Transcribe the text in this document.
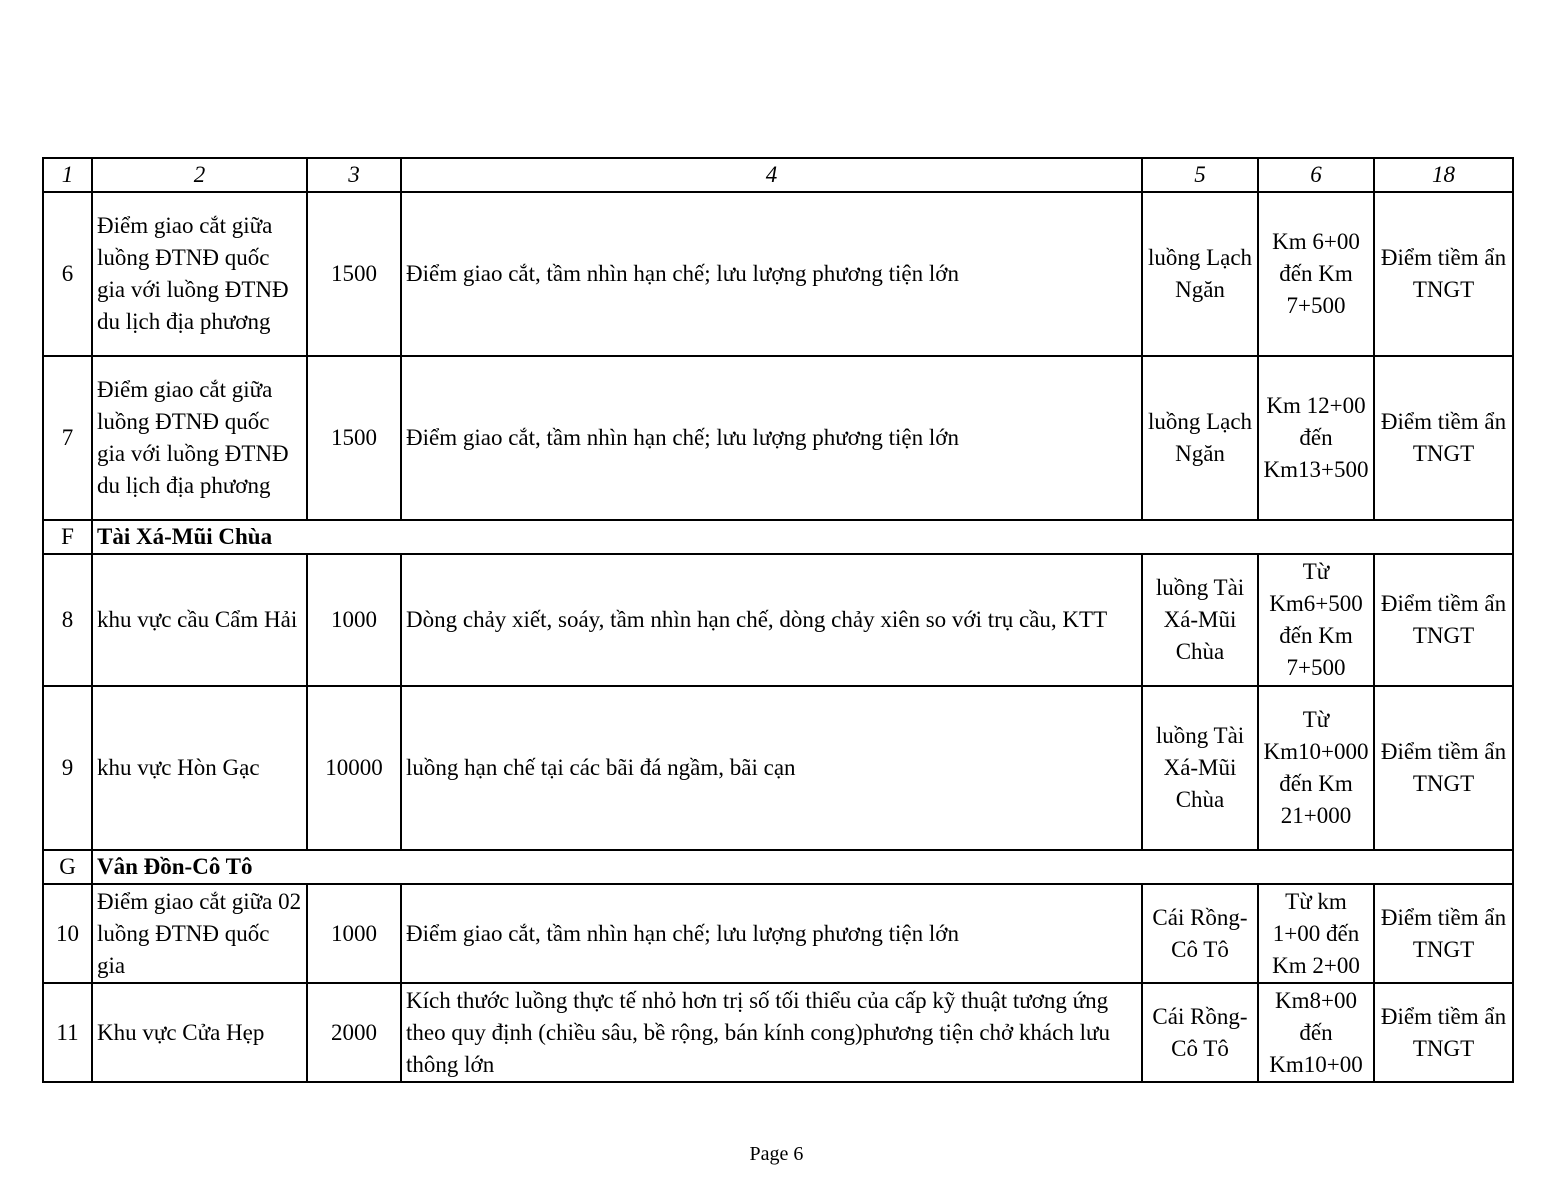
1	2	3	4	5	6	18
6	Điểm giao cắt giữa luồng ĐTNĐ quốc gia với luồng ĐTNĐ du lịch địa phương	1500	Điểm giao cắt, tầm nhìn hạn chế; lưu lượng phương tiện lớn	luồng Lạch Ngăn	Km 6+00 đến Km 7+500	Điểm tiềm ẩn TNGT
7	Điểm giao cắt giữa luồng ĐTNĐ quốc gia với luồng ĐTNĐ du lịch địa phương	1500	Điểm giao cắt, tầm nhìn hạn chế; lưu lượng phương tiện lớn	luồng Lạch Ngăn	Km 12+00 đến Km13+500	Điểm tiềm ẩn TNGT
F	Tài Xá-Mũi Chùa					
8	khu vực cầu Cẩm Hải	1000	Dòng chảy xiết, soáy, tầm nhìn hạn chế, dòng chảy xiên so với trụ cầu, KTT	luồng Tài Xá-Mũi Chùa	Từ Km6+500 đến Km 7+500	Điểm tiềm ẩn TNGT
9	khu vực Hòn Gạc	10000	luồng hạn chế tại các bãi đá ngầm, bãi cạn	luồng Tài Xá-Mũi Chùa	Từ Km10+000 đến Km 21+000	Điểm tiềm ẩn TNGT
G	Vân Đồn-Cô Tô					
10	Điểm giao cắt giữa 02 luồng ĐTNĐ quốc gia	1000	Điểm giao cắt, tầm nhìn hạn chế; lưu lượng phương tiện lớn	Cái Rồng-Cô Tô	Từ km 1+00 đến Km 2+00	Điểm tiềm ẩn TNGT
11	Khu vực Cửa Hẹp	2000	Kích thước luồng thực tế nhỏ hơn trị số tối thiểu của cấp kỹ thuật tương ứng theo quy định (chiều sâu, bề rộng, bán kính cong)phương tiện chở khách lưu thông lớn	Cái Rồng-Cô Tô	Km8+00 đến Km10+00	Điểm tiềm ẩn TNGT
Page 6
